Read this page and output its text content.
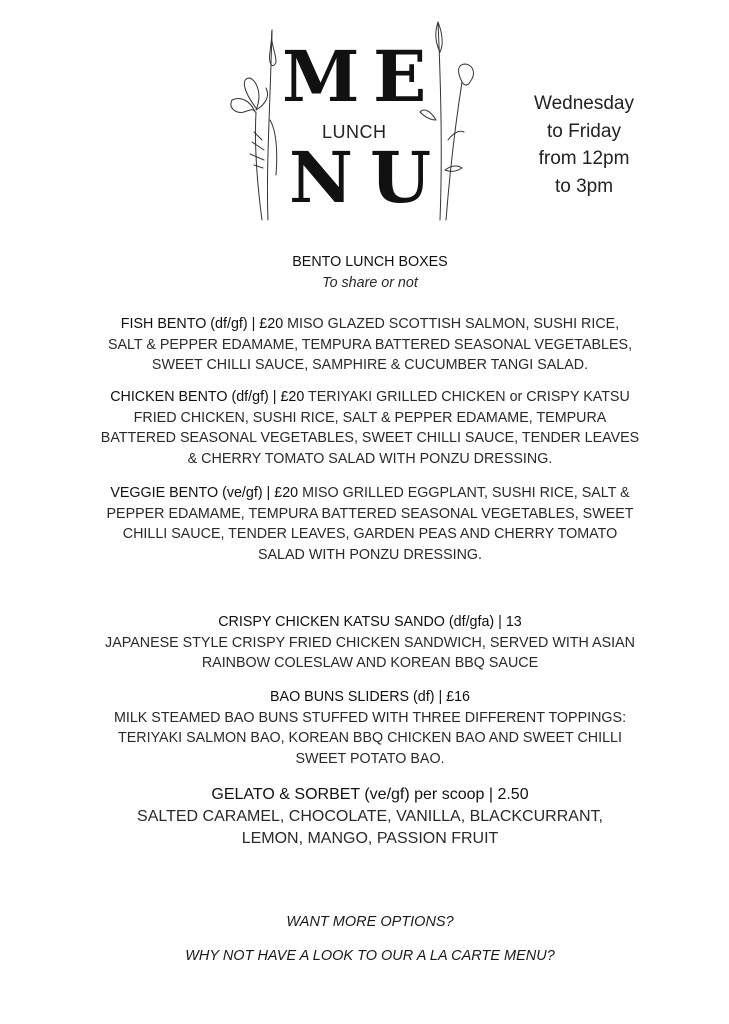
M E
LUNCH
N U
Wednesday
to Friday
from 12pm
to 3pm
BENTO LUNCH BOXES
To share or not
FISH BENTO (df/gf) | £20 MISO GLAZED SCOTTISH SALMON, SUSHI RICE,
SALT & PEPPER EDAMAME, TEMPURA BATTERED SEASONAL VEGETABLES,
SWEET CHILLI SAUCE, SAMPHIRE & CUCUMBER TANGI SALAD.
CHICKEN BENTO (df/gf) | £20 TERIYAKI GRILLED CHICKEN or CRISPY KATSU
FRIED CHICKEN, SUSHI RICE, SALT & PEPPER EDAMAME, TEMPURA
BATTERED SEASONAL VEGETABLES, SWEET CHILLI SAUCE, TENDER LEAVES
& CHERRY TOMATO SALAD WITH PONZU DRESSING.
VEGGIE BENTO (ve/gf) | £20 MISO GRILLED EGGPLANT, SUSHI RICE, SALT &
PEPPER EDAMAME, TEMPURA BATTERED SEASONAL VEGETABLES, SWEET
CHILLI SAUCE, TENDER LEAVES, GARDEN PEAS AND CHERRY TOMATO
SALAD WITH PONZU DRESSING.
CRISPY CHICKEN KATSU SANDO (df/gfa) | 13
JAPANESE STYLE CRISPY FRIED CHICKEN SANDWICH, SERVED WITH ASIAN
RAINBOW COLESLAW AND KOREAN BBQ SAUCE
BAO BUNS SLIDERS (df) | £16
MILK STEAMED BAO BUNS STUFFED WITH THREE DIFFERENT TOPPINGS:
TERIYAKI SALMON BAO, KOREAN BBQ CHICKEN BAO AND SWEET CHILLI
SWEET POTATO BAO.
GELATO & SORBET (ve/gf) per scoop | 2.50
SALTED CARAMEL, CHOCOLATE, VANILLA, BLACKCURRANT,
LEMON, MANGO, PASSION FRUIT
WANT MORE OPTIONS?
WHY NOT HAVE A LOOK TO OUR A LA CARTE MENU?
